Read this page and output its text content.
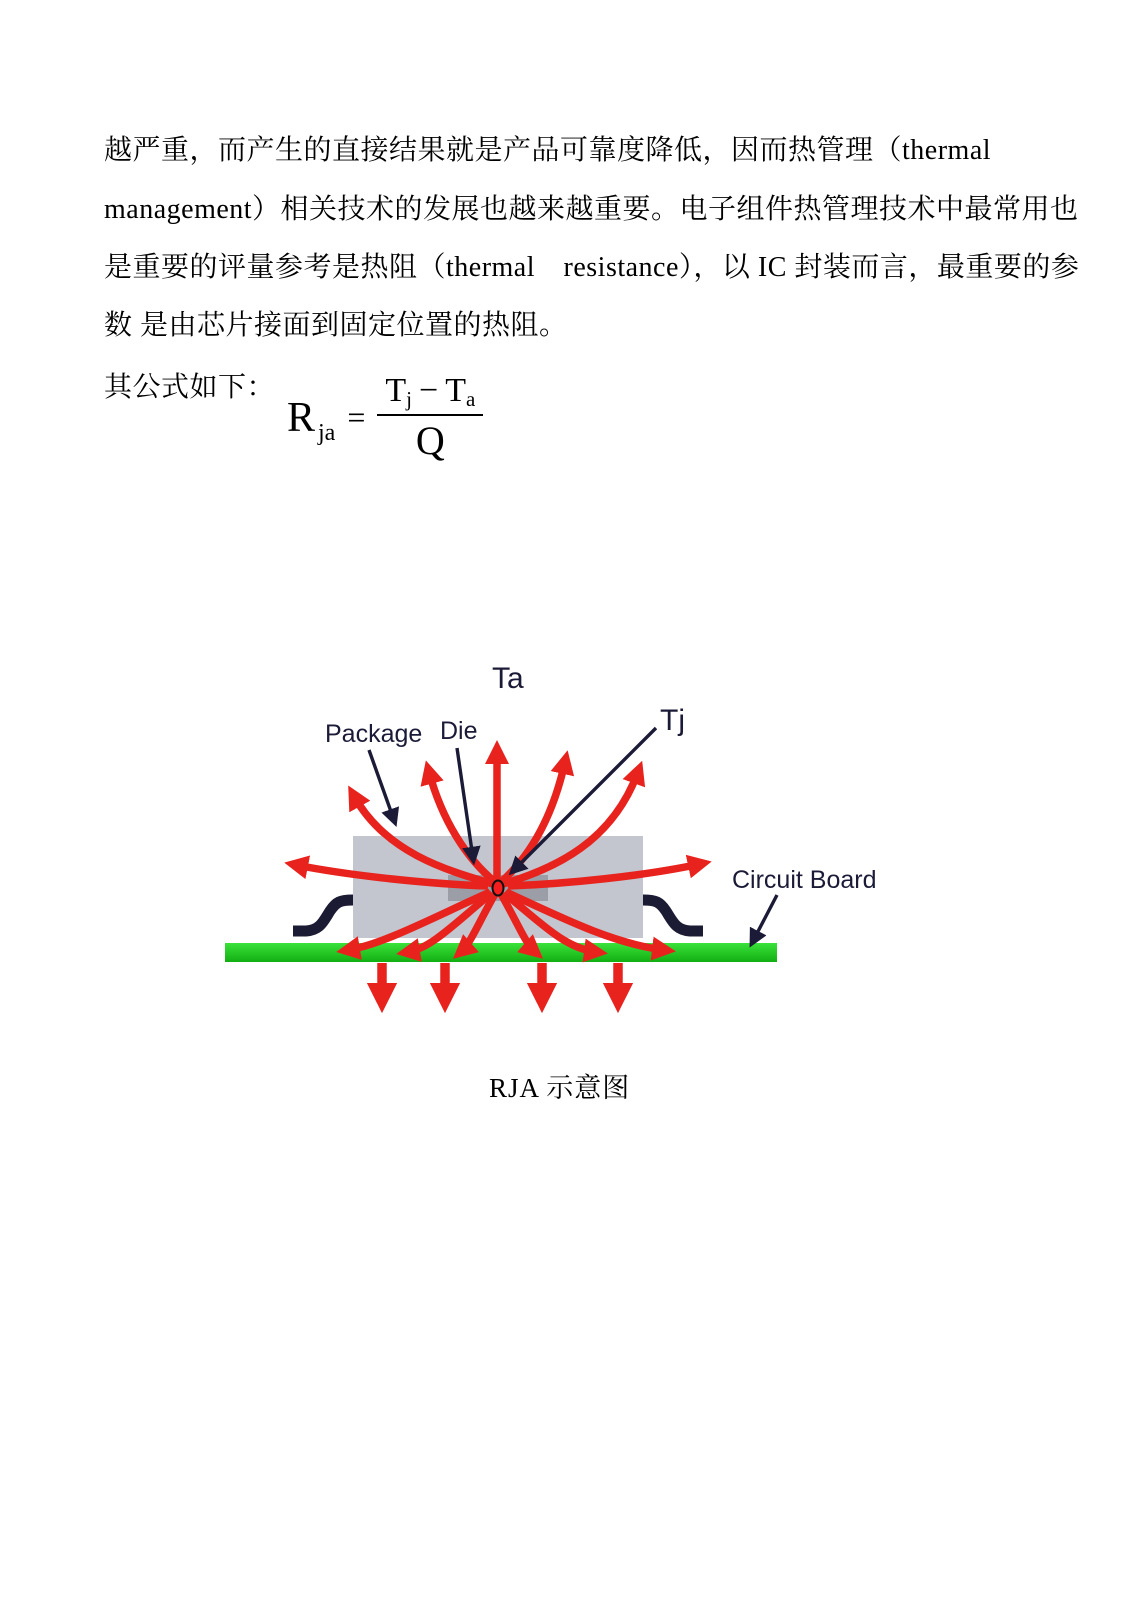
越严重，而产生的直接结果就是产品可靠度降低，因而热管理（thermal
management）相关技术的发展也越来越重要。电子组件热管理技术中最常用也
是重要的评量参考是热阻（thermal　resistance），以 IC 封装而言，最重要的参
数 是由芯片接面到固定位置的热阻。
其公式如下：
R ja = $\frac{\text{T j − T a}}{Q}$
Ta
Tj
Package Die
Circuit Board
RJA 示意图
